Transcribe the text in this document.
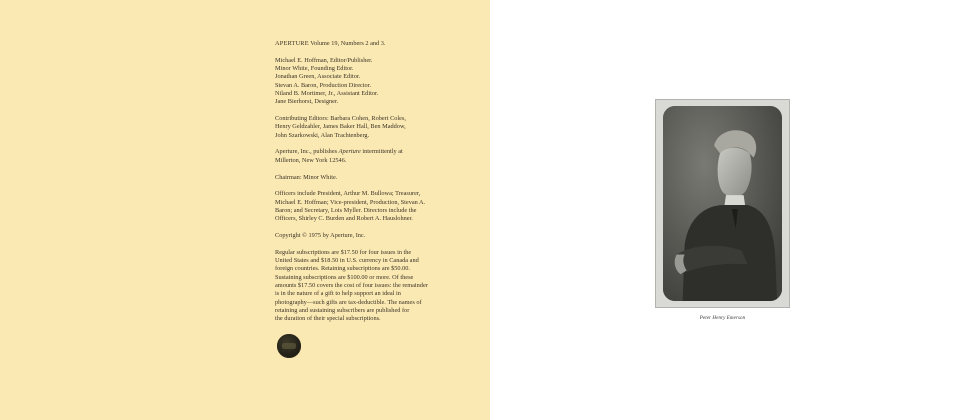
APERTURE Volume 19, Numbers 2 and 3.

Michael E. Hoffman, Editor/Publisher.
Minor White, Founding Editor.
Jonathan Green, Associate Editor.
Stevan A. Baron, Production Director.
Niland B. Mortimer, Jr., Assistant Editor.
Jane Bierhorst, Designer.

Contributing Editors: Barbara Cohen, Robert Coles,
Henry Geldzahler, James Baker Hall, Ben Maddow,
John Szarkowski, Alan Trachtenberg.

Aperture, Inc., publishes Aperture intermittently at
Millerton, New York 12546.

Chairman: Minor White.

Officers include President, Arthur M. Bullowa; Treasurer,
Michael E. Hoffman; Vice-president, Production, Stevan A.
Baron; and Secretary, Lois Myller. Directors include the
Officers, Shirley C. Burden and Robert A. Hauslohner.

Copyright © 1975 by Aperture, Inc.

Regular subscriptions are $17.50 for four issues in the
United States and $18.50 in U.S. currency in Canada and
foreign countries. Retaining subscriptions are $50.00.
Sustaining subscriptions are $100.00 or more. Of these
amounts $17.50 covers the cost of four issues: the remainder
is in the nature of a gift to help support an ideal in
photography—such gifts are tax-deductible. The names of
retaining and sustaining subscribers are published for
the duration of their special subscriptions.	Peter Henry Emerson
